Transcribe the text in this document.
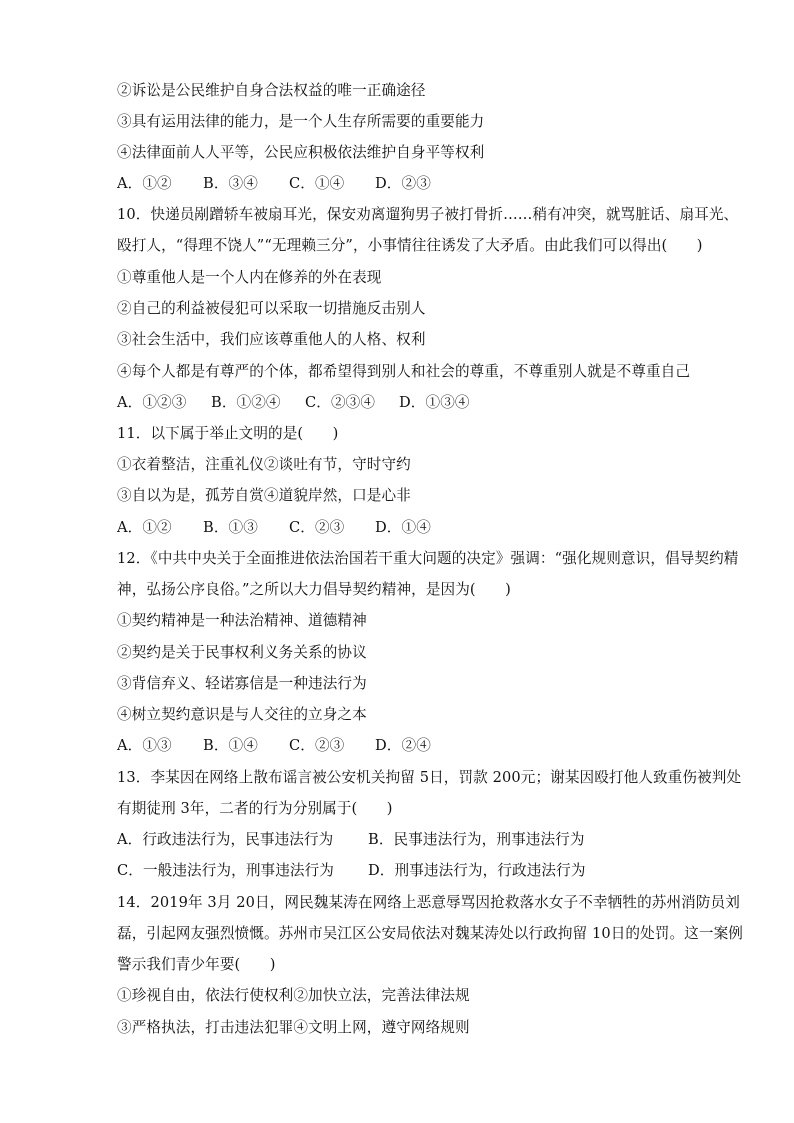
②诉讼是公民维护自身合法权益的唯一正确途径
③具有运用法律的能力，是一个人生存所需要的重要能力
④法律面前人人平等，公民应积极依法维护自身平等权利
A．①②	B．③④	C．①④	D．②③
10．快递员剐蹭轿车被扇耳光，保安劝离遛狗男子被打骨折……稍有冲突，就骂脏话、扇耳光、
殴打人，“得理不饶人”“无理赖三分”，小事情往往诱发了大矛盾。由此我们可以得出(　　)
①尊重他人是一个人内在修养的外在表现
②自己的利益被侵犯可以采取一切措施反击别人
③社会生活中，我们应该尊重他人的人格、权利
④每个人都是有尊严的个体，都希望得到别人和社会的尊重，不尊重别人就是不尊重自己
A．①②③	B．①②④	C．②③④	D．①③④
11．以下属于举止文明的是(　　)
①衣着整洁，注重礼仪②谈吐有节，守时守约
③自以为是，孤芳自赏④道貌岸然，口是心非
A．①②	B．①③	C．②③	D．①④
12．《中共中央关于全面推进依法治国若干重大问题的决定》强调：“强化规则意识，倡导契约精
神，弘扬公序良俗。”之所以大力倡导契约精神，是因为(　　)
①契约精神是一种法治精神、道德精神
②契约是关于民事权利义务关系的协议
③背信弃义、轻诺寡信是一种违法行为
④树立契约意识是与人交往的立身之本
A．①③	B．①④	C．②③	D．②④
13．李某因在网络上散布谣言被公安机关拘留 5日，罚款 200元；谢某因殴打他人致重伤被判处
有期徒刑 3年，二者的行为分别属于(　　)
A．行政违法行为，民事违法行为	B．民事违法行为，刑事违法行为
C．一般违法行为，刑事违法行为	D．刑事违法行为，行政违法行为
14．2019年 3月 20日，网民魏某涛在网络上恶意辱骂因抢救落水女子不幸牺牲的苏州消防员刘
磊，引起网友强烈愤慨。苏州市吴江区公安局依法对魏某涛处以行政拘留 10日的处罚。这一案例
警示我们青少年要(　　)
①珍视自由，依法行使权利②加快立法，完善法律法规
③严格执法，打击违法犯罪④文明上网，遵守网络规则
